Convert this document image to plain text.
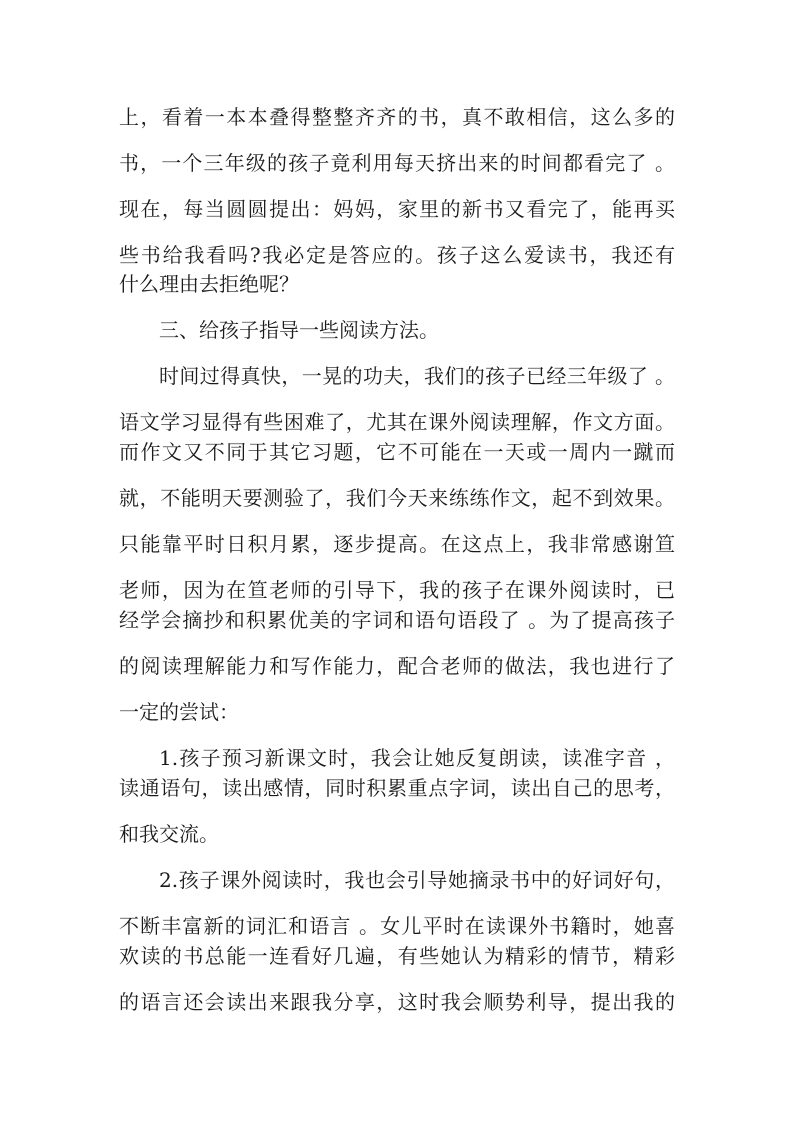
上，看着一本本叠得整整齐齐的书，真不敢相信，这么多的
书，一个三年级的孩子竟利用每天挤出来的时间都看完了 。
现在，每当圆圆提出：妈妈，家里的新书又看完了，能再买
些书给我看吗?我必定是答应的。孩子这么爱读书，我还有
什么理由去拒绝呢？
三、给孩子指导一些阅读方法。
时间过得真快，一晃的功夫，我们的孩子已经三年级了 。
语文学习显得有些困难了，尤其在课外阅读理解，作文方面。
而作文又不同于其它习题，它不可能在一天或一周内一蹴而
就，不能明天要测验了，我们今天来练练作文，起不到效果。
只能靠平时日积月累，逐步提高。在这点上，我非常感谢笪
老师，因为在笪老师的引导下，我的孩子在课外阅读时，已
经学会摘抄和积累优美的字词和语句语段了 。为了提高孩子
的阅读理解能力和写作能力，配合老师的做法，我也进行了
一定的尝试：
1.孩子预习新课文时，我会让她反复朗读，读准字音 ，
读通语句，读出感情，同时积累重点字词，读出自己的思考，
和我交流。
2.孩子课外阅读时，我也会引导她摘录书中的好词好句，
不断丰富新的词汇和语言 。女儿平时在读课外书籍时，她喜
欢读的书总能一连看好几遍，有些她认为精彩的情节，精彩
的语言还会读出来跟我分享，这时我会顺势利导，提出我的
